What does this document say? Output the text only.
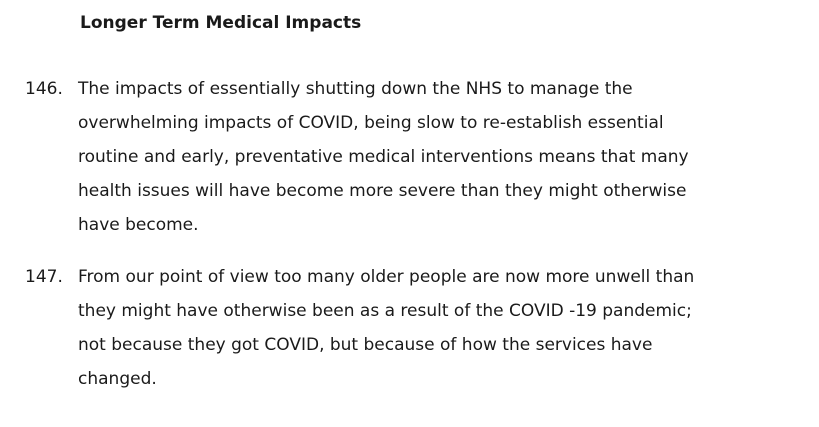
Longer Term Medical Impacts
146. The impacts of essentially shutting down the NHS to manage the
overwhelming impacts of COVID, being slow to re-establish essential
routine and early, preventative medical interventions means that many
health issues will have become more severe than they might otherwise
have become.
147. From our point of view too many older people are now more unwell than
they might have otherwise been as a result of the COVID -19 pandemic;
not because they got COVID, but because of how the services have
changed.
